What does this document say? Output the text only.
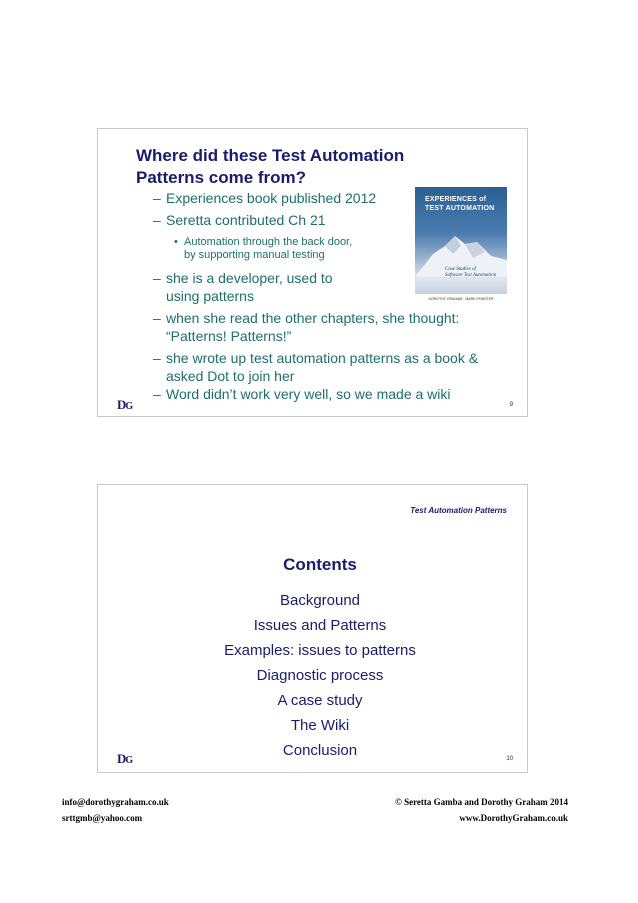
Where did these Test Automation
Patterns come from?
– Experiences book published 2012
– Seretta contributed Ch 21
• Automation through the back door,
by supporting manual testing
– she is a developer, used to
using patterns
– when she read the other chapters, she thought:
“Patterns! Patterns!”
– she wrote up test automation patterns as a book &
asked Dot to join her
– Word didn’t work very well, so we made a wiki
EXPERIENCES of
TEST AUTOMATION
Case Studies of
Software Test Automation
DOROTHY GRAHAM · MARK FEWSTER
DG	9
Test Automation Patterns
Contents
Background
Issues and Patterns
Examples: issues to patterns
Diagnostic process
A case study
The Wiki
Conclusion
DG	10
info@dorothygraham.co.uk
srttgmb@yahoo.com
© Seretta Gamba and Dorothy Graham 2014
www.DorothyGraham.co.uk
